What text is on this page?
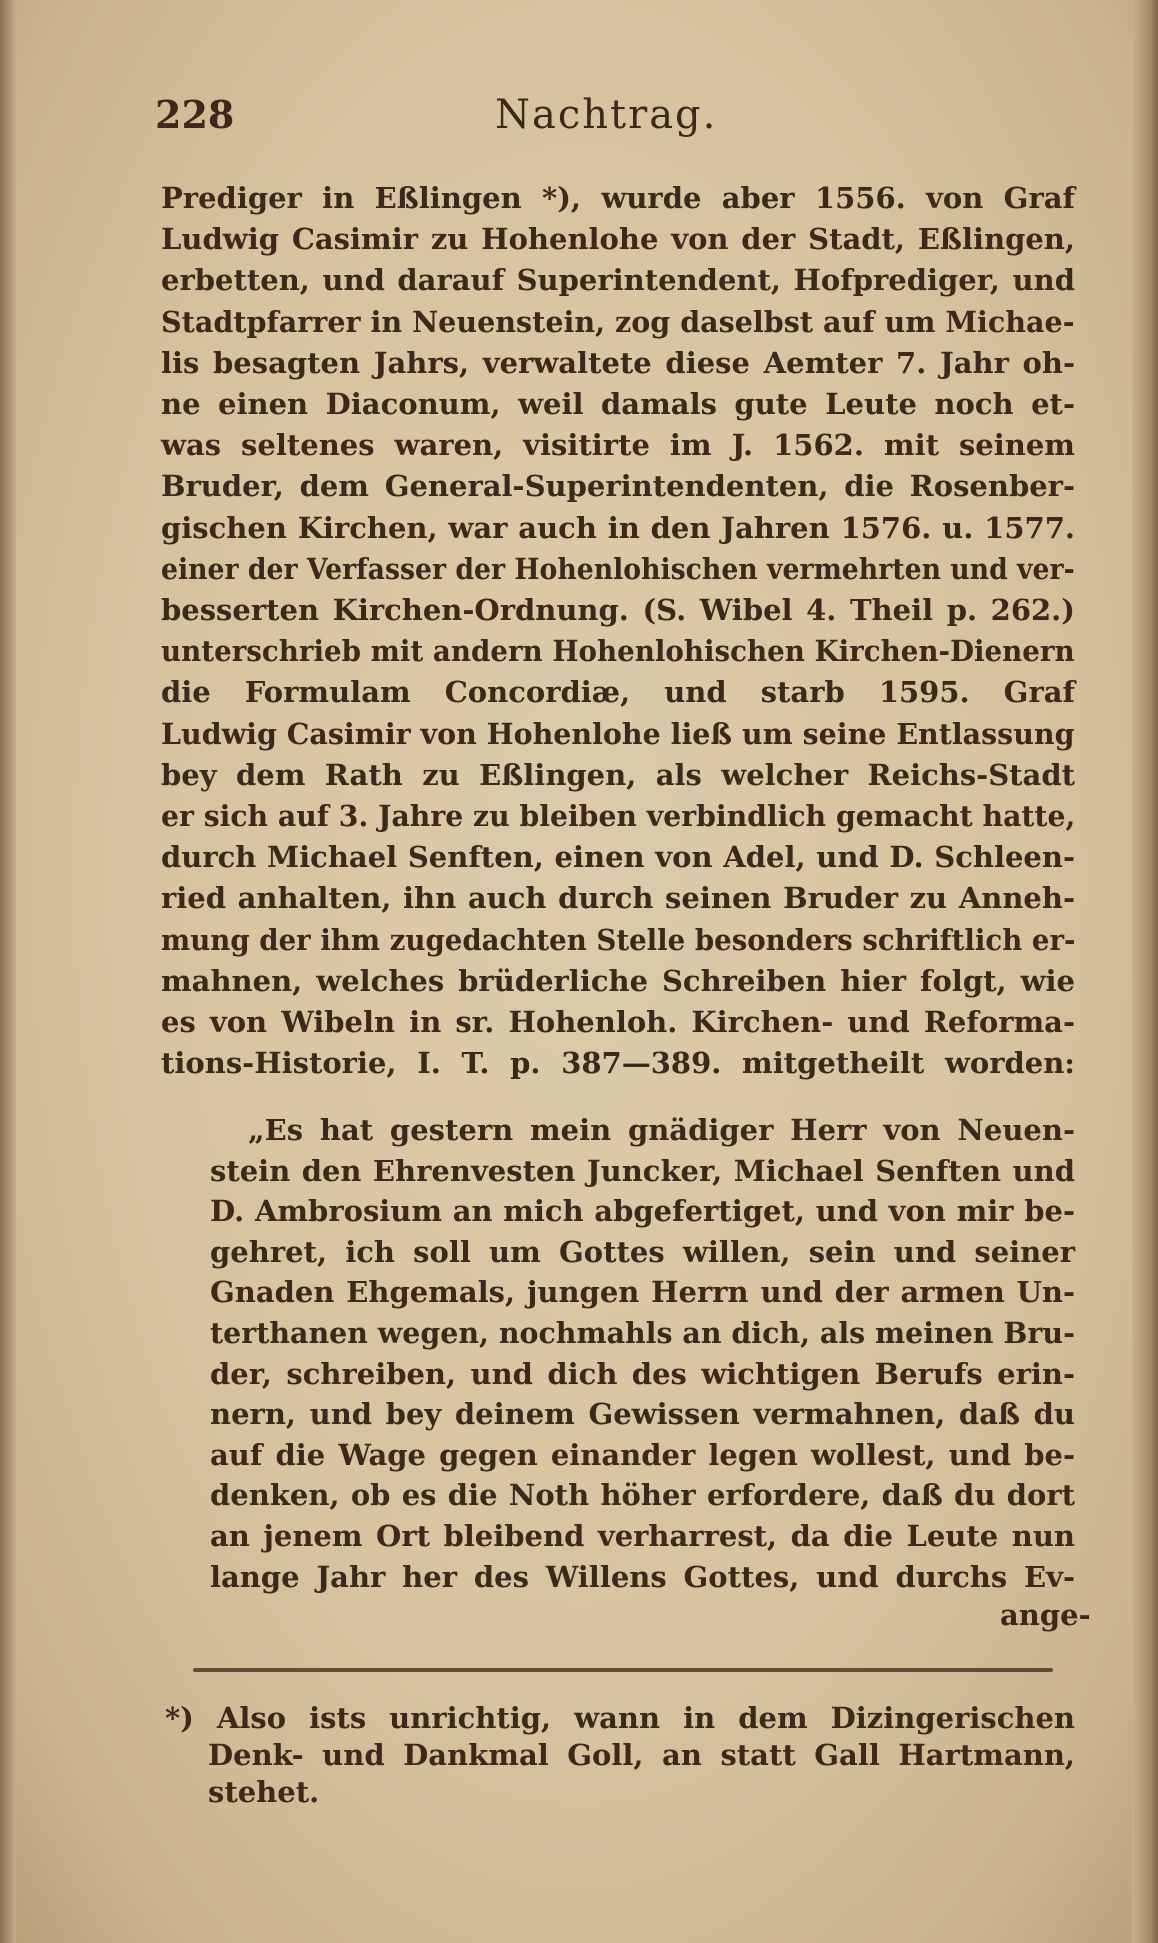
228	Nachtrag.
Prediger in Eßlingen *), wurde aber 1556. von Graf
Ludwig Casimir zu Hohenlohe von der Stadt, Eßlingen,
erbetten, und darauf Superintendent, Hofprediger, und
Stadtpfarrer in Neuenstein, zog daselbst auf um Michae-
lis besagten Jahrs, verwaltete diese Aemter 7. Jahr oh-
ne einen Diaconum, weil damals gute Leute noch et-
was seltenes waren, visitirte im J. 1562. mit seinem
Bruder, dem General-Superintendenten, die Rosenber-
gischen Kirchen, war auch in den Jahren 1576. u. 1577.
einer der Verfasser der Hohenlohischen vermehrten und ver-
besserten Kirchen-Ordnung. (S. Wibel 4. Theil p. 262.)
unterschrieb mit andern Hohenlohischen Kirchen-Dienern
die Formulam Concordiæ, und starb 1595. Graf
Ludwig Casimir von Hohenlohe ließ um seine Entlassung
bey dem Rath zu Eßlingen, als welcher Reichs-Stadt
er sich auf 3. Jahre zu bleiben verbindlich gemacht hatte,
durch Michael Senften, einen von Adel, und D. Schleen-
ried anhalten, ihn auch durch seinen Bruder zu Anneh-
mung der ihm zugedachten Stelle besonders schriftlich er-
mahnen, welches brüderliche Schreiben hier folgt, wie
es von Wibeln in sr. Hohenloh. Kirchen- und Reforma-
tions-Historie, I. T. p. 387—389. mitgetheilt worden:
„Es hat gestern mein gnädiger Herr von Neuen-
stein den Ehrenvesten Juncker, Michael Senften und
D. Ambrosium an mich abgefertiget, und von mir be-
gehret, ich soll um Gottes willen, sein und seiner
Gnaden Ehgemals, jungen Herrn und der armen Un-
terthanen wegen, nochmahls an dich, als meinen Bru-
der, schreiben, und dich des wichtigen Berufs erin-
nern, und bey deinem Gewissen vermahnen, daß du
auf die Wage gegen einander legen wollest, und be-
denken, ob es die Noth höher erfordere, daß du dort
an jenem Ort bleibend verharrest, da die Leute nun
lange Jahr her des Willens Gottes, und durchs Ev-
ange-
*) Also ists unrichtig, wann in dem Dizingerischen
Denk- und Dankmal Goll, an statt Gall Hartmann,
stehet.
